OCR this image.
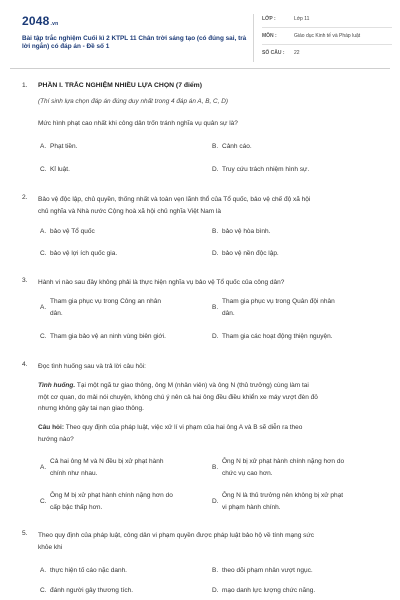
2048.vn
Bài tập trắc nghiệm Cuối kì 2 KTPL 11 Chân trời sáng tạo (có đúng sai, trả lời ngắn) có đáp án - Đề số 1
LỚP :	Lớp 11
MÔN :	Giáo dục Kinh tế và Pháp luật
SỐ CÂU : 22
1. PHẦN I. TRẮC NGHIỆM NHIỀU LỰA CHỌN (7 điểm)
(Thí sinh lựa chọn đáp án đúng duy nhất trong 4 đáp án A, B, C, D)
Mức hình phạt cao nhất khi công dân trốn tránh nghĩa vụ quân sự là?
A. Phạt tiền.	B. Cảnh cáo.
C. Kỉ luật.	D. Truy cứu trách nhiệm hình sự.
2. Bảo vệ độc lập, chủ quyền, thống nhất và toàn vẹn lãnh thổ của Tổ quốc, bảo vệ chế độ xã hội
chủ nghĩa và Nhà nước Cộng hoà xã hội chủ nghĩa Việt Nam là
A. bảo vệ Tổ quốc	B. bảo vệ hòa bình.
C. bảo vệ lợi ích quốc gia.	D. bảo vệ nền độc lập.
3. Hành vi nào sau đây không phải là thực hiện nghĩa vụ bảo vệ Tổ quốc của công dân?
A.
Tham gia phục vụ trong Công an nhân
dân.
B.
Tham gia phục vụ trong Quân đội nhân
dân.
C. Tham gia bảo vệ an ninh vùng biên giới.	D. Tham gia các hoạt động thiện nguyện.
4. Đọc tình huống sau và trả lời câu hỏi:
Tình huống. Tại một ngã tư giao thông, ông M (nhân viên) và ông N (thủ trưởng) cùng làm tai
một cơ quan, do mải nói chuyện, không chú ý nên cả hai ông đều điều khiển xe máy vượt đèn đỏ
nhưng không gây tai nạn giao thông.
Câu hỏi: Theo quy định của pháp luật, việc xử lí vi phạm của hai ông A và B sẽ diễn ra theo
hướng nào?
A.
Cả hai ông M và N đều bị xử phạt hành
chính như nhau.
B.
Ông N bị xử phạt hành chính nặng hơn do
chức vụ cao hơn.
C.
Ông M bị xử phạt hành chính nặng hơn do
cấp bậc thấp hơn.
D.
Ông N là thủ trưởng nên không bị xử phạt
vi phạm hành chính.
5. Theo quy định của pháp luật, công dân vi phạm quyền được pháp luật bảo hộ về tính mạng sức
khỏe khi
A. thực hiện tố cáo nặc danh.	B. theo dõi phạm nhân vượt ngục.
C. đánh người gây thương tích.	D. mạo danh lực lượng chức năng.
